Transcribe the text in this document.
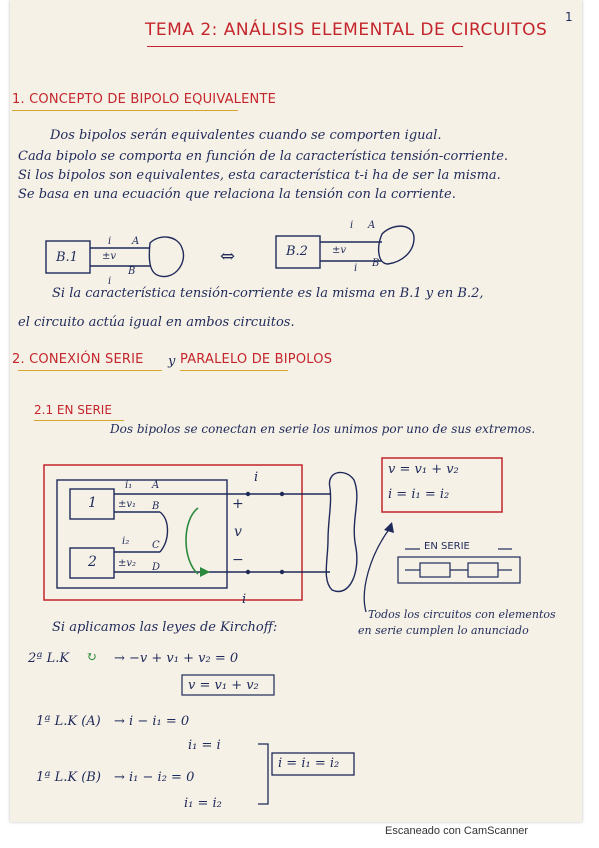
1
TEMA 2: ANÁLISIS ELEMENTAL DE CIRCUITOS
1. CONCEPTO DE BIPOLO EQUIVALENTE
Dos bipolos serán equivalentes cuando se comporten igual.
Cada bipolo se comporta en función de la característica tensión-corriente.
Si los bipolos son equivalentes, esta característica t-i ha de ser la misma.
Se basa en una ecuación que relaciona la tensión con la corriente.
B.1
i A
±v
i
B
⇔	B.2
i A
±v
i B
Si la característica tensión-corriente es la misma en B.1 y en B.2,
el circuito actúa igual en ambos circuitos.
2. CONEXIÓN SERIE y PARALELO DE BIPOLOS
2.1 EN SERIE
Dos bipolos se conectan en serie los unimos por uno de sus extremos.
1
2
i₁ A
±v₁ B
i₂ C
±v₂ D
i
i
+
v
−
v = v₁ + v₂
i = i₁ = i₂
EN SERIE
Todos los circuitos con elementos
en serie cumplen lo anunciado
Si aplicamos las leyes de Kirchoff:
2ª L.K ↻ → −v + v₁ + v₂ = 0
v = v₁ + v₂
1ª L.K (A) → i − i₁ = 0
i₁ = i
1ª L.K (B) → i₁ − i₂ = 0
i₁ = i₂
i = i₁ = i₂
Escaneado con CamScanner
